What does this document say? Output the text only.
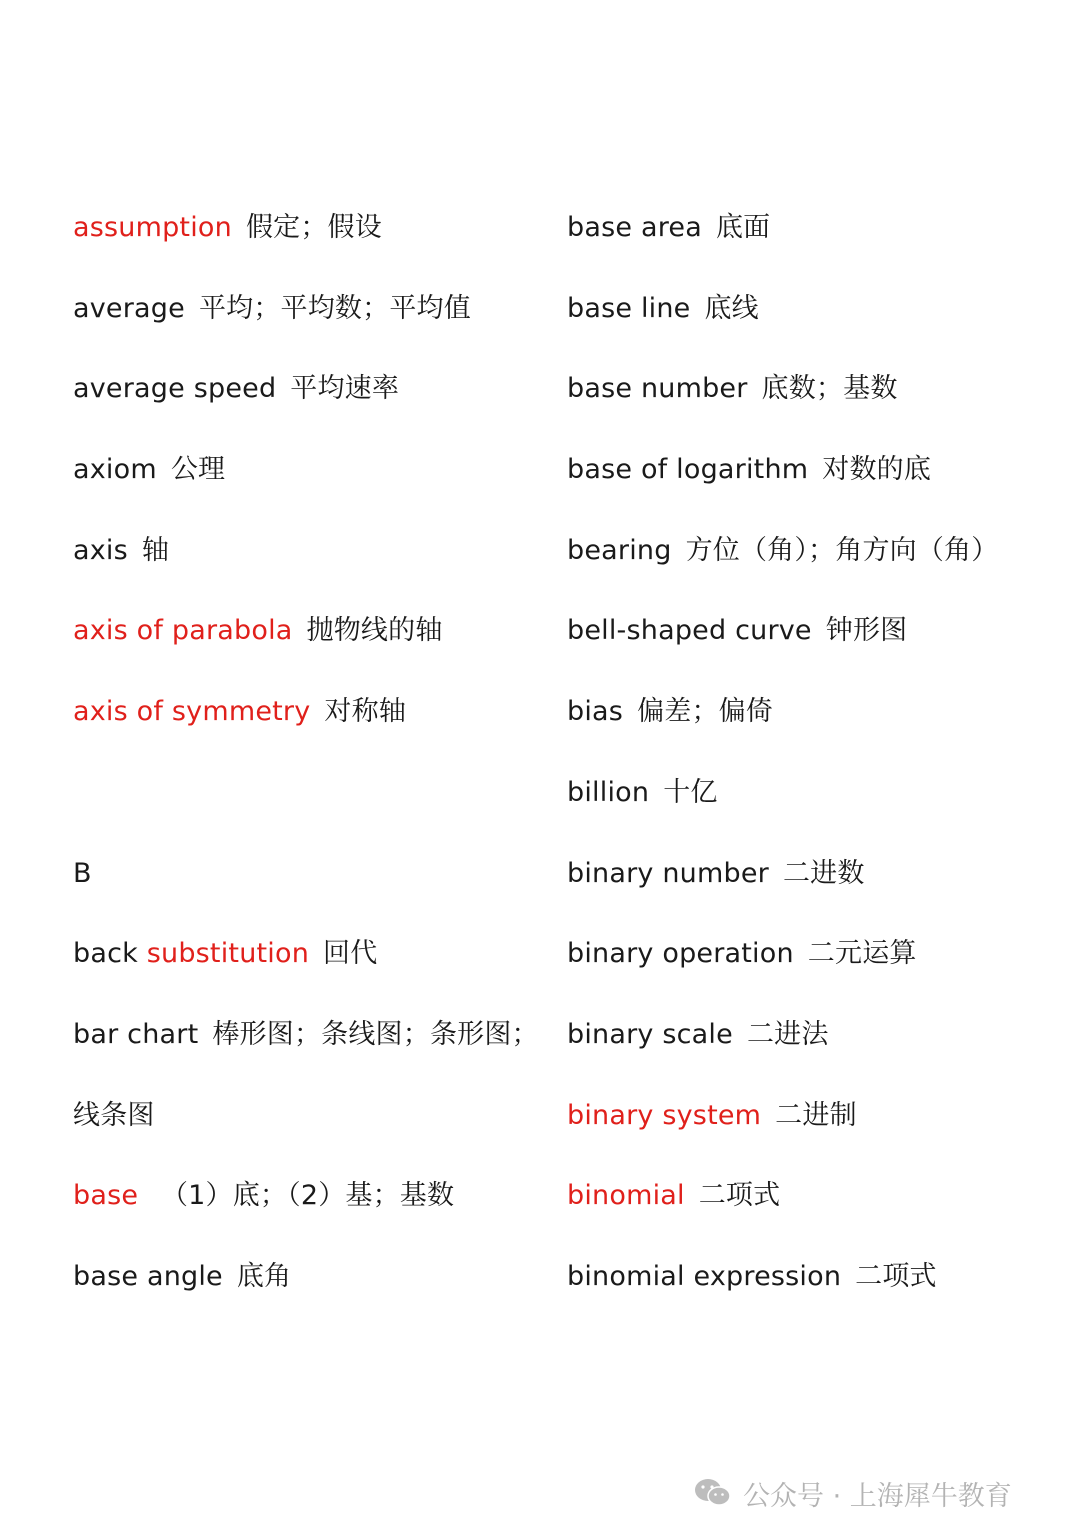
assumption 假定；假设
average 平均；平均数；平均值
average speed 平均速率
axiom 公理
axis 轴
axis of parabola 抛物线的轴
axis of symmetry 对称轴
B
back substitution 回代
bar chart 棒形图；条线图；条形图；
线条图
base （1）底；（2）基；基数
base angle 底角
base area 底面
base line 底线
base number 底数；基数
base of logarithm 对数的底
bearing 方位（角）；角方向（角）
bell-shaped curve 钟形图
bias 偏差；偏倚
billion 十亿
binary number 二进数
binary operation 二元运算
binary scale 二进法
binary system 二进制
binomial 二项式
binomial expression 二项式
公众号 · 上海犀牛教育
